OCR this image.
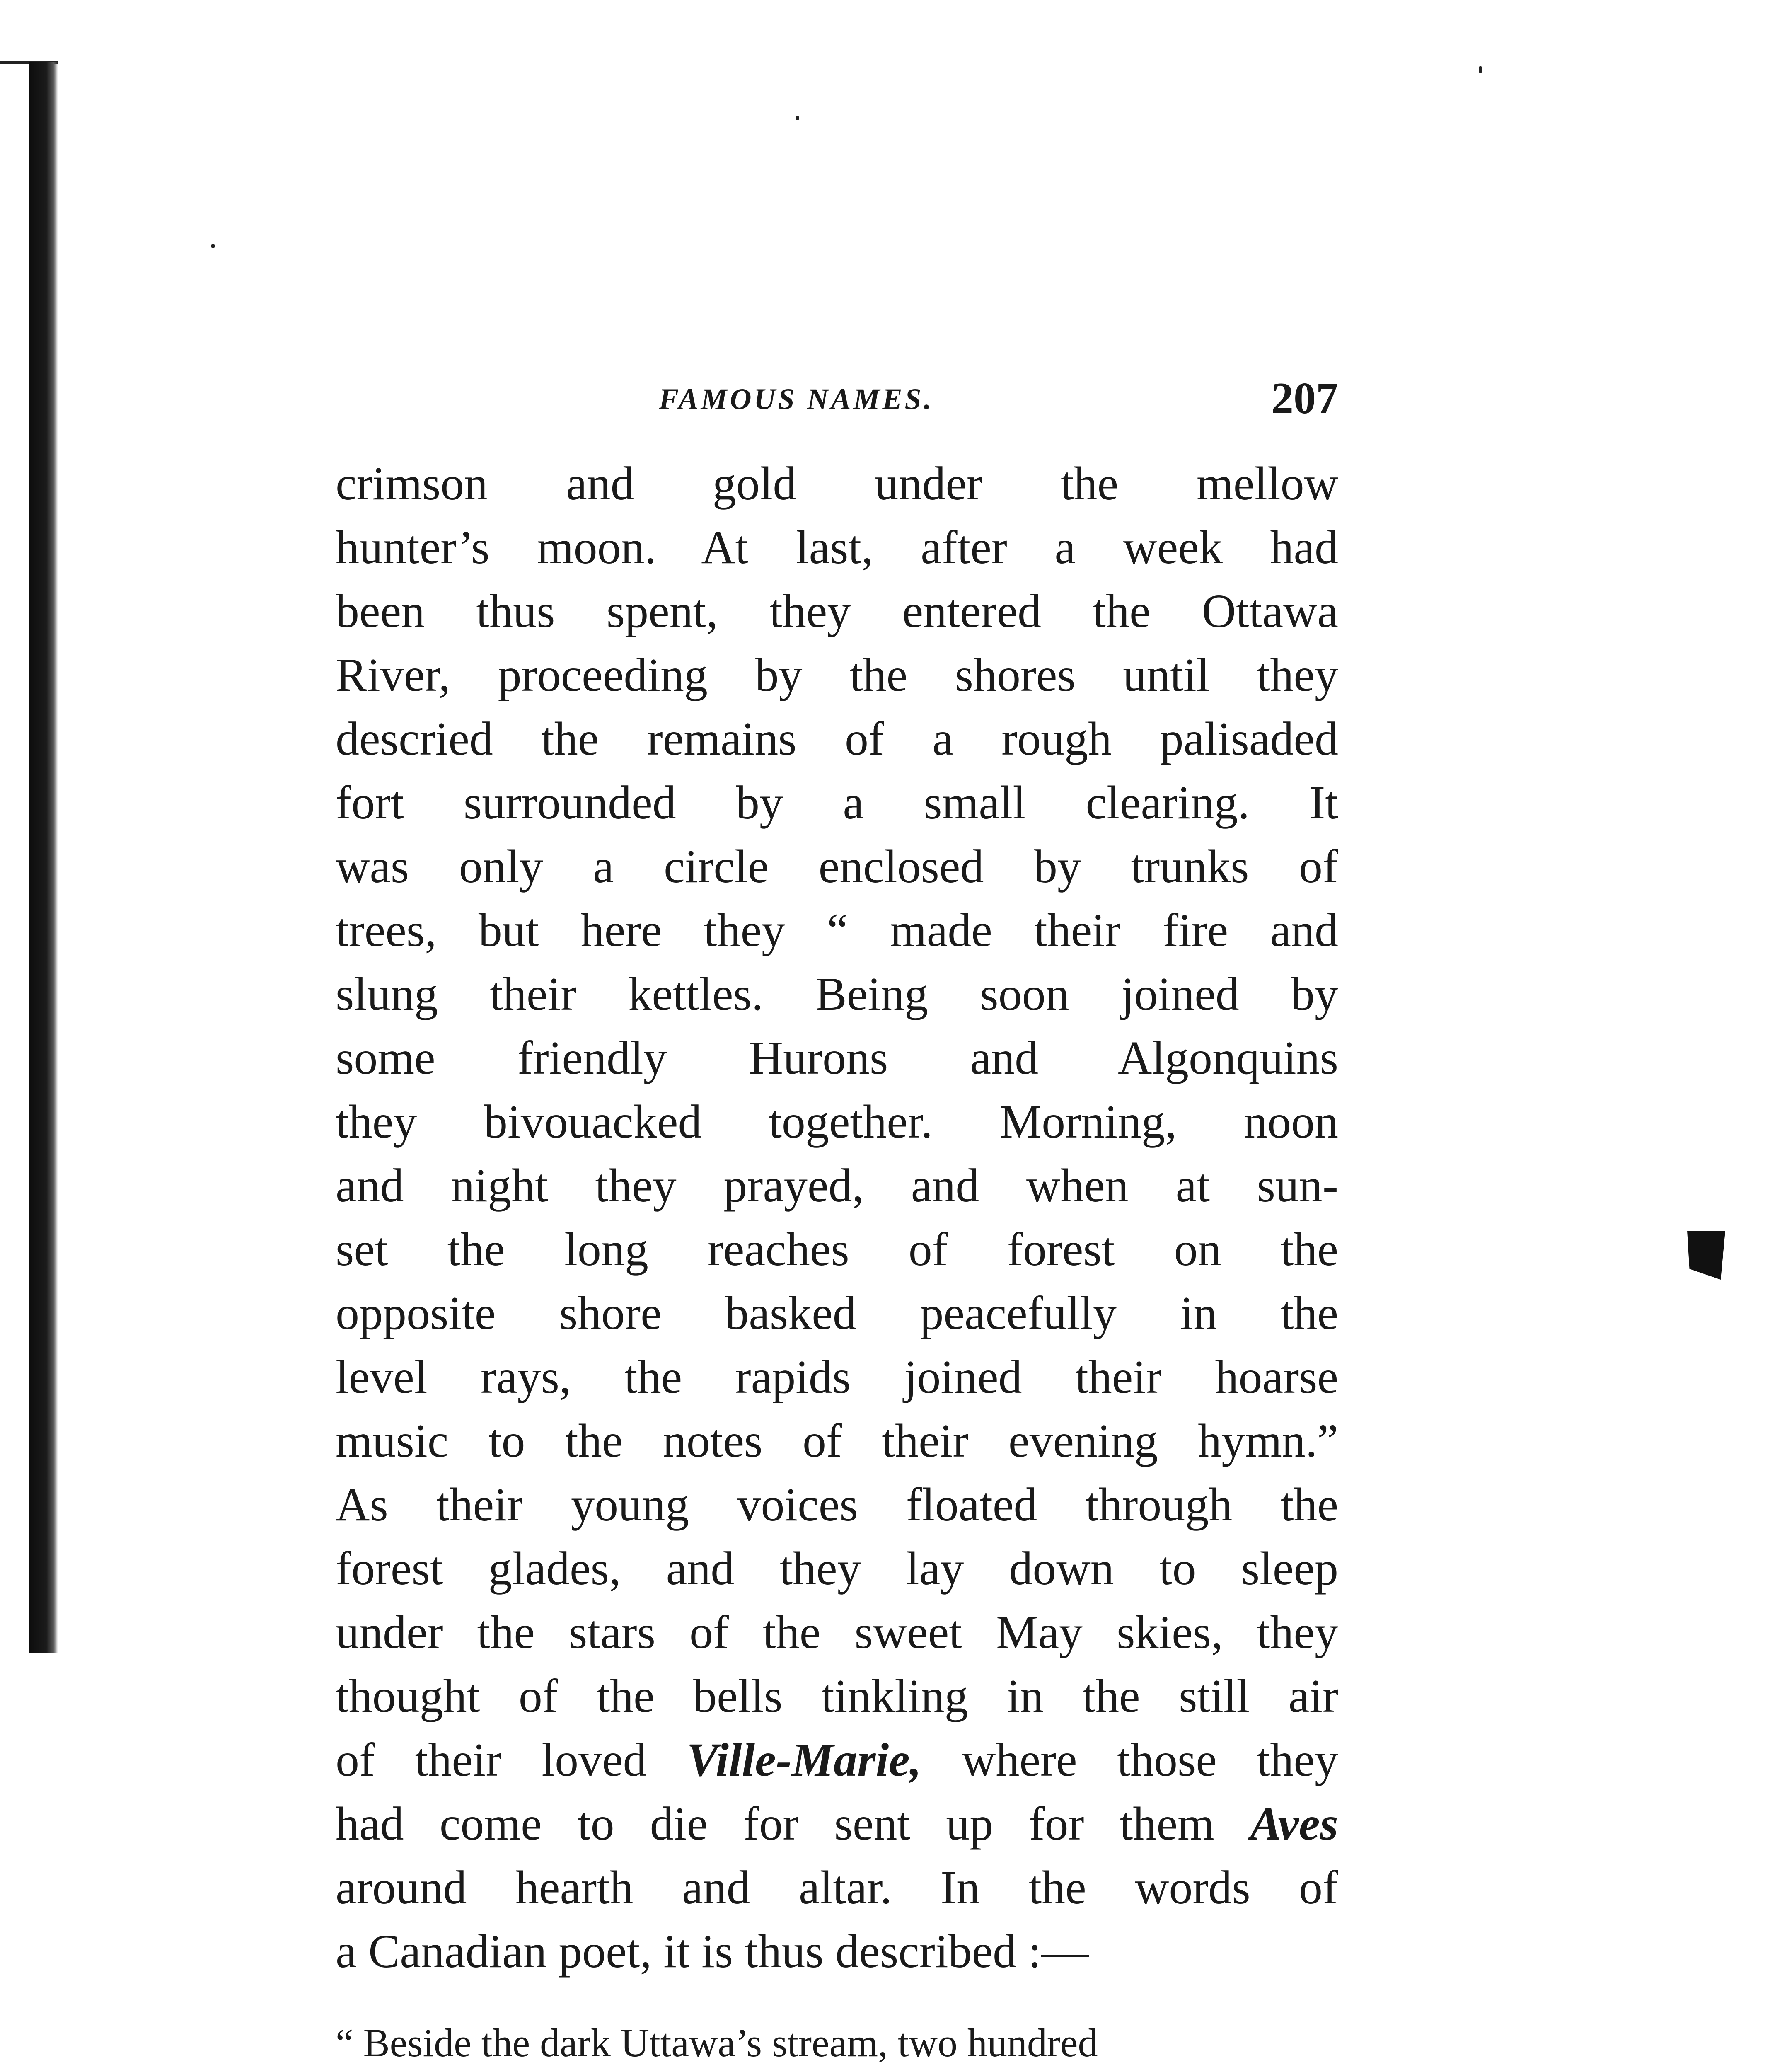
FAMOUS NAMES.	207
crimson and gold under the mellow
hunter’s moon. At last, after a week had
been thus spent, they entered the Ottawa
River, proceeding by the shores until they
descried the remains of a rough palisaded
fort surrounded by a small clearing. It
was only a circle enclosed by trunks of
trees, but here they “ made their fire and
slung their kettles. Being soon joined by
some friendly Hurons and Algonquins
they bivouacked together. Morning, noon
and night they prayed, and when at sun-
set the long reaches of forest on the
opposite shore basked peacefully in the
level rays, the rapids joined their hoarse
music to the notes of their evening hymn.”
As their young voices floated through the
forest glades, and they lay down to sleep
under the stars of the sweet May skies, they
thought of the bells tinkling in the still air
of their loved Ville-Marie, where those they
had come to die for sent up for them Aves
around hearth and altar. In the words of
a Canadian poet, it is thus described :—
“ Beside the dark Uttawa’s stream, two hundred
